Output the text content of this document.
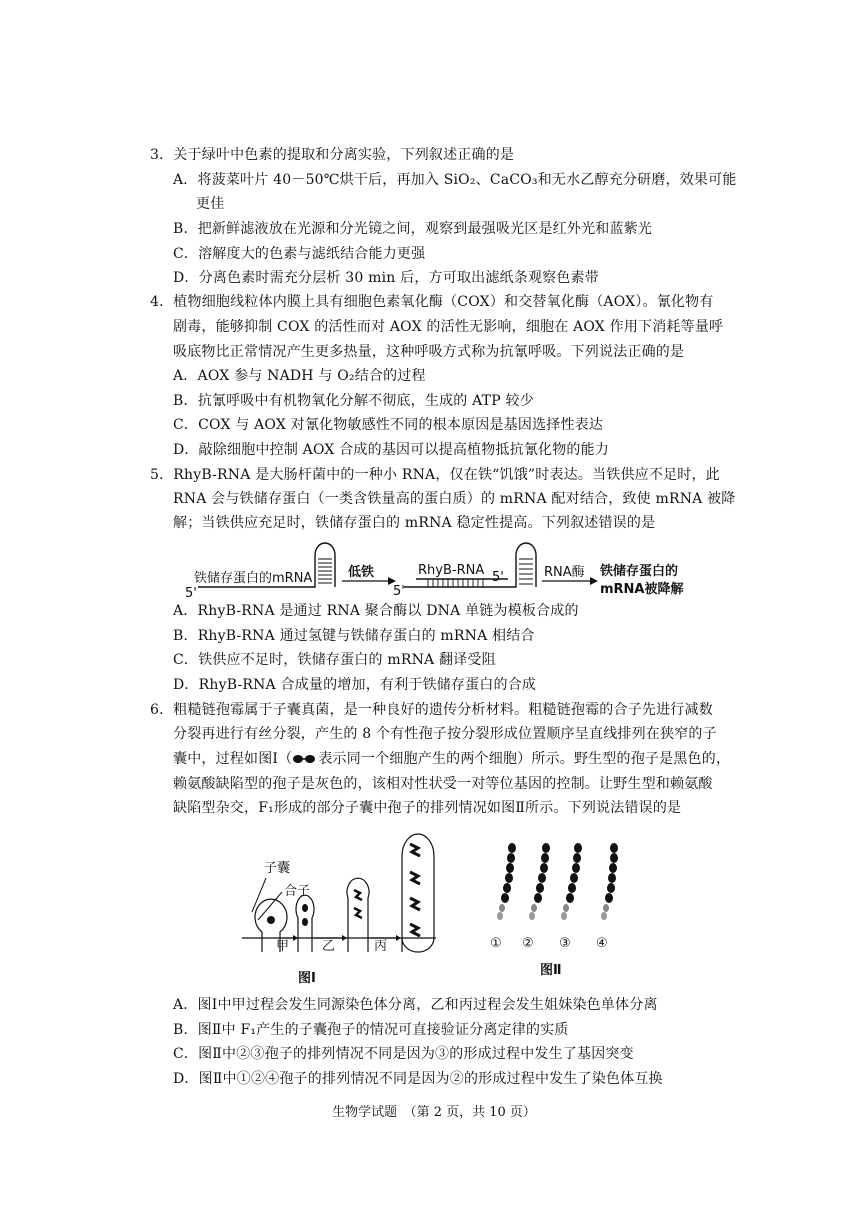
3．关于绿叶中色素的提取和分离实验，下列叙述正确的是
A．将菠菜叶片 40－50℃烘干后，再加入 SiO₂、CaCO₃和无水乙醇充分研磨，效果可能
更佳
B．把新鲜滤液放在光源和分光镜之间，观察到最强吸光区是红外光和蓝紫光
C．溶解度大的色素与滤纸结合能力更强
D．分离色素时需充分层析 30 min 后，方可取出滤纸条观察色素带
4．植物细胞线粒体内膜上具有细胞色素氧化酶（COX）和交替氧化酶（AOX）。氰化物有
剧毒，能够抑制 COX 的活性而对 AOX 的活性无影响，细胞在 AOX 作用下消耗等量呼
吸底物比正常情况产生更多热量，这种呼吸方式称为抗氰呼吸。下列说法正确的是
A．AOX 参与 NADH 与 O₂结合的过程
B．抗氰呼吸中有机物氧化分解不彻底，生成的 ATP 较少
C．COX 与 AOX 对氰化物敏感性不同的根本原因是基因选择性表达
D．敲除细胞中控制 AOX 合成的基因可以提高植物抵抗氰化物的能力
5．RhyB-RNA 是大肠杆菌中的一种小 RNA，仅在铁“饥饿”时表达。当铁供应不足时，此
RNA 会与铁储存蛋白（一类含铁量高的蛋白质）的 mRNA 配对结合，致使 mRNA 被降
解；当铁供应充足时，铁储存蛋白的 mRNA 稳定性提高。下列叙述错误的是
铁储存蛋白的mRNA
5'
低铁	RhyB-RNA
5'
5'	RNA酶 铁储存蛋白的
mRNA被降解
A．RhyB-RNA 是通过 RNA 聚合酶以 DNA 单链为模板合成的
B．RhyB-RNA 通过氢键与铁储存蛋白的 mRNA 相结合
C．铁供应不足时，铁储存蛋白的 mRNA 翻译受阻
D．RhyB-RNA 合成量的增加，有利于铁储存蛋白的合成
6．粗糙链孢霉属于子囊真菌，是一种良好的遗传分析材料。粗糙链孢霉的合子先进行减数
分裂再进行有丝分裂，产生的 8 个有性孢子按分裂形成位置顺序呈直线排列在狭窄的子
囊中，过程如图Ⅰ（ 表示同一个细胞产生的两个细胞）所示。野生型的孢子是黑色的，
赖氨酸缺陷型的孢子是灰色的，该相对性状受一对等位基因的控制。让野生型和赖氨酸
缺陷型杂交，F₁形成的部分子囊中孢子的排列情况如图Ⅱ所示。下列说法错误的是
子囊
合子
甲	乙	丙
图Ⅰ
① ② ③ ④
图Ⅱ
A．图Ⅰ中甲过程会发生同源染色体分离，乙和丙过程会发生姐妹染色单体分离
B．图Ⅱ中 F₁产生的子囊孢子的情况可直接验证分离定律的实质
C．图Ⅱ中②③孢子的排列情况不同是因为③的形成过程中发生了基因突变
D．图Ⅱ中①②④孢子的排列情况不同是因为②的形成过程中发生了染色体互换
生物学试题　（第 2 页，共 10 页）
